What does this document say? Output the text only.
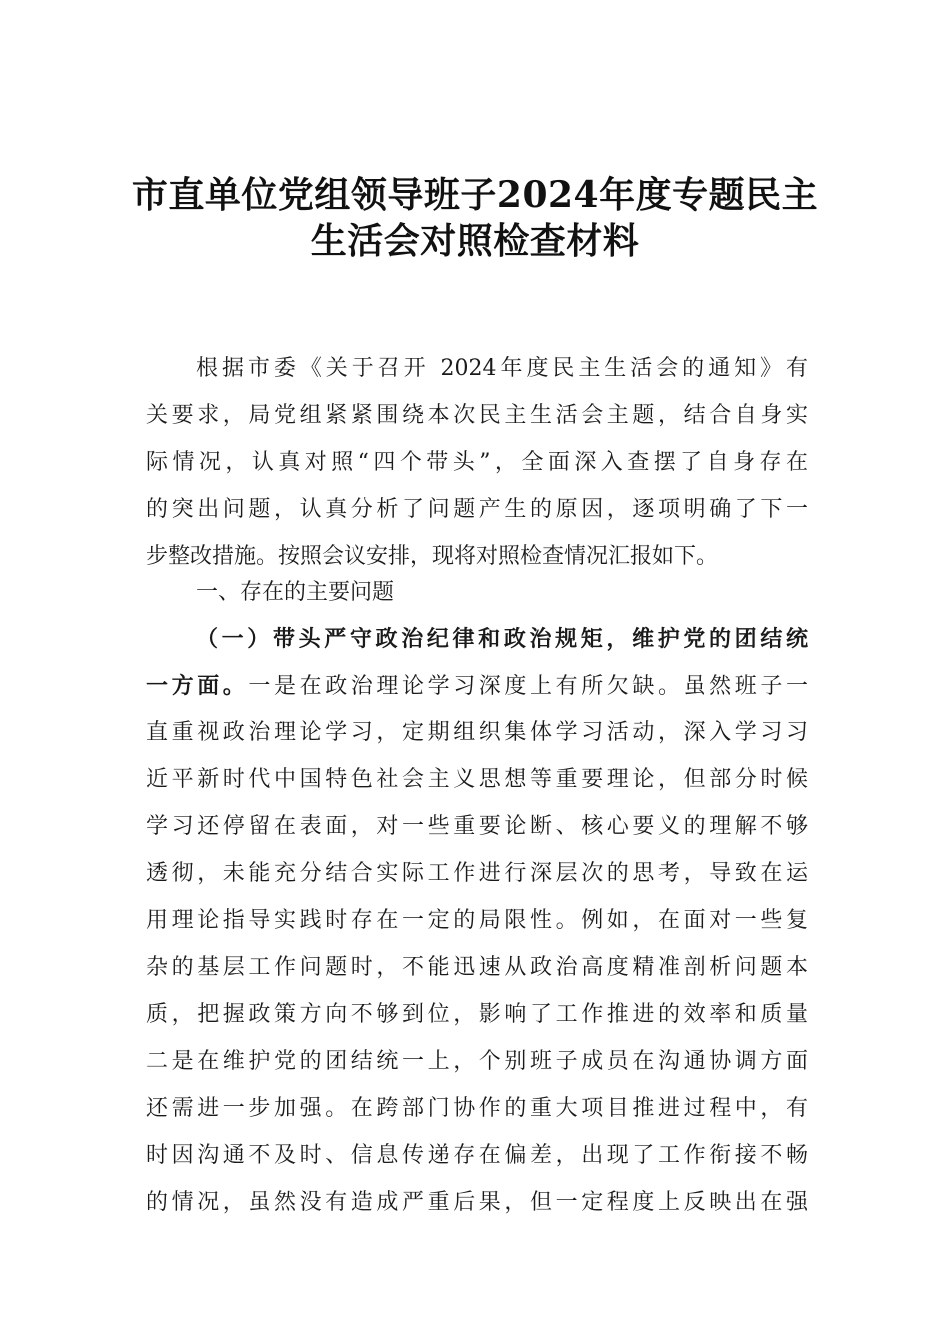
市直单位党组领导班子2024年度专题民主
生活会对照检查材料
根据市委《关于召开 2024年度民主生活会的通知》有
关要求，局党组紧紧围绕本次民主生活会主题，结合自身实
际情况，认真对照“四个带头”，全面深入查摆了自身存在
的突出问题，认真分析了问题产生的原因，逐项明确了下一
步整改措施。按照会议安排，现将对照检查情况汇报如下。
一、存在的主要问题
（一）带头严守政治纪律和政治规矩，维护党的团结统
一方面。一是在政治理论学习深度上有所欠缺。虽然班子一
直重视政治理论学习，定期组织集体学习活动，深入学习习
近平新时代中国特色社会主义思想等重要理论，但部分时候
学习还停留在表面，对一些重要论断、核心要义的理解不够
透彻，未能充分结合实际工作进行深层次的思考，导致在运
用理论指导实践时存在一定的局限性。例如，在面对一些复
杂的基层工作问题时，不能迅速从政治高度精准剖析问题本
质，把握政策方向不够到位，影响了工作推进的效率和质量
二是在维护党的团结统一上，个别班子成员在沟通协调方面
还需进一步加强。在跨部门协作的重大项目推进过程中，有
时因沟通不及时、信息传递存在偏差，出现了工作衔接不畅
的情况，虽然没有造成严重后果，但一定程度上反映出在强
